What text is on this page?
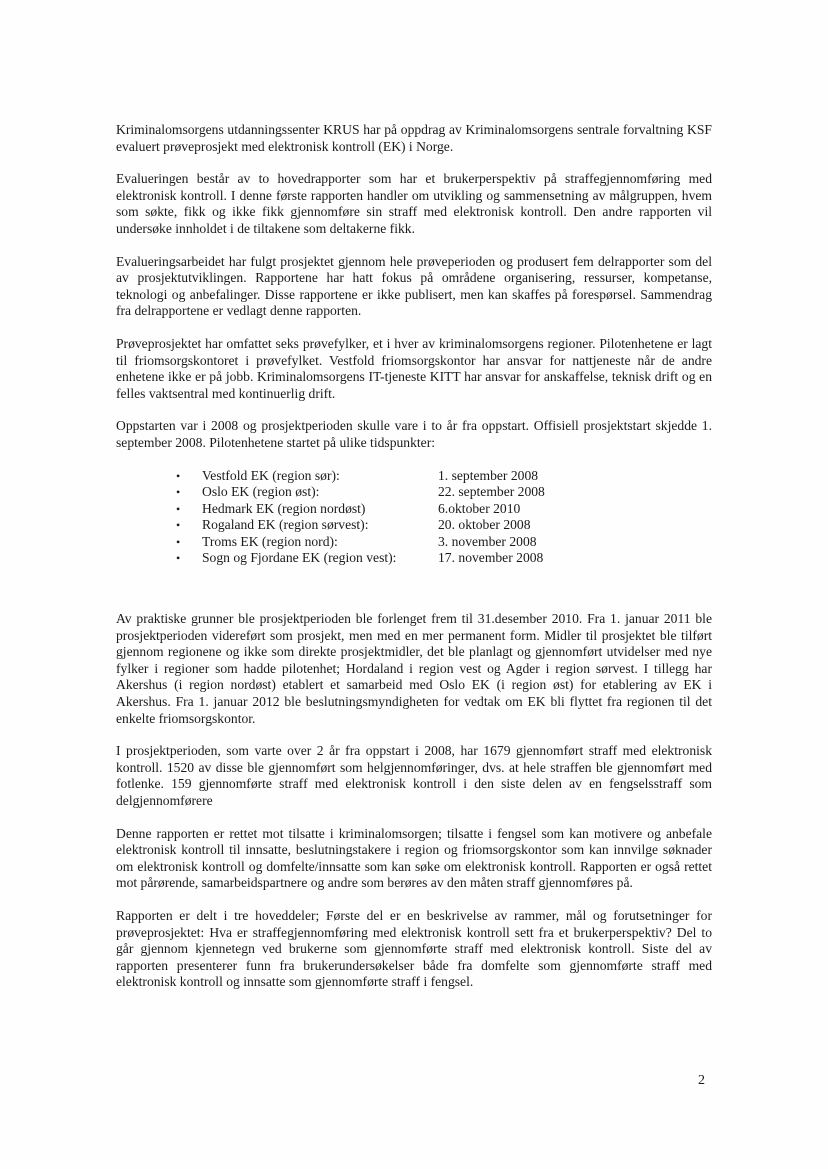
Kriminalomsorgens utdanningssenter KRUS har på oppdrag av Kriminalomsorgens sentrale forvaltning KSF evaluert prøveprosjekt med elektronisk kontroll (EK) i Norge.

Evalueringen består av to hovedrapporter som har et brukerperspektiv på straffegjennomføring med elektronisk kontroll. I denne første rapporten handler om utvikling og sammensetning av målgruppen, hvem som søkte, fikk og ikke fikk gjennomføre sin straff med elektronisk kontroll. Den andre rapporten vil undersøke innholdet i de tiltakene som deltakerne fikk.

Evalueringsarbeidet har fulgt prosjektet gjennom hele prøveperioden og produsert fem delrapporter som del av prosjektutviklingen. Rapportene har hatt fokus på områdene organisering, ressurser, kompetanse, teknologi og anbefalinger. Disse rapportene er ikke publisert, men kan skaffes på forespørsel. Sammendrag fra delrapportene er vedlagt denne rapporten.

Prøveprosjektet har omfattet seks prøvefylker, et i hver av kriminalomsorgens regioner. Pilotenhetene er lagt til friomsorgskontoret i prøvefylket. Vestfold friomsorgskontor har ansvar for nattjeneste når de andre enhetene ikke er på jobb. Kriminalomsorgens IT-tjeneste KITT har ansvar for anskaffelse, teknisk drift og en felles vaktsentral med kontinuerlig drift.

Oppstarten var i 2008 og prosjektperioden skulle vare i to år fra oppstart. Offisiell prosjektstart skjedde 1. september 2008. Pilotenhetene startet på ulike tidspunkter:

•	Vestfold EK (region sør):	1. september 2008
•	Oslo EK (region øst):	22. september 2008
•	Hedmark EK (region nordøst)	6.oktober 2010
•	Rogaland EK (region sørvest):	20. oktober 2008
•	Troms EK (region nord):	3. november 2008
•	Sogn og Fjordane EK (region vest):	17. november 2008

Av praktiske grunner ble prosjektperioden ble forlenget frem til 31.desember 2010. Fra 1. januar 2011 ble prosjektperioden videreført som prosjekt, men med en mer permanent form. Midler til prosjektet ble tilført gjennom regionene og ikke som direkte prosjektmidler, det ble planlagt og gjennomført utvidelser med nye fylker i regioner som hadde pilotenhet; Hordaland i region vest og Agder i region sørvest. I tillegg har Akershus (i region nordøst) etablert et samarbeid med Oslo EK (i region øst) for etablering av EK i Akershus. Fra 1. januar 2012 ble beslutningsmyndigheten for vedtak om EK bli flyttet fra regionen til det enkelte friomsorgskontor.

I prosjektperioden, som varte over 2 år fra oppstart i 2008, har 1679 gjennomført straff med elektronisk kontroll. 1520 av disse ble gjennomført som helgjennomføringer, dvs. at hele straffen ble gjennomført med fotlenke. 159 gjennomførte straff med elektronisk kontroll i den siste delen av en fengselsstraff som delgjennomførere

Denne rapporten er rettet mot tilsatte i kriminalomsorgen; tilsatte i fengsel som kan motivere og anbefale elektronisk kontroll til innsatte, beslutningstakere i region og friomsorgskontor som kan innvilge søknader om elektronisk kontroll og domfelte/innsatte som kan søke om elektronisk kontroll. Rapporten er også rettet mot pårørende, samarbeidspartnere og andre som berøres av den måten straff gjennomføres på.

Rapporten er delt i tre hoveddeler; Første del er en beskrivelse av rammer, mål og forutsetninger for prøveprosjektet: Hva er straffegjennomføring med elektronisk kontroll sett fra et brukerperspektiv? Del to går gjennom kjennetegn ved brukerne som gjennomførte straff med elektronisk kontroll. Siste del av rapporten presenterer funn fra brukerundersøkelser både fra domfelte som gjennomførte straff med elektronisk kontroll og innsatte som gjennomførte straff i fengsel.

2
